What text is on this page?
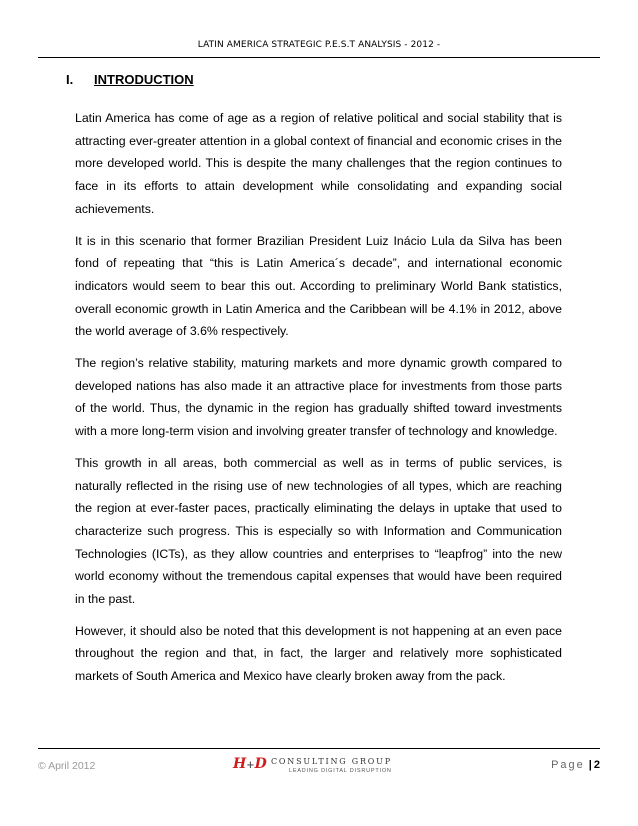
LATIN AMERICA STRATEGIC P.E.S.T ANALYSIS - 2012 -
I. INTRODUCTION

Latin America has come of age as a region of relative political and social stability that is attracting ever-greater attention in a global context of financial and economic crises in the more developed world. This is despite the many challenges that the region continues to face in its efforts to attain development while consolidating and expanding social achievements.

It is in this scenario that former Brazilian President Luiz Inácio Lula da Silva has been fond of repeating that “this is Latin America´s decade”, and international economic indicators would seem to bear this out. According to preliminary World Bank statistics, overall economic growth in Latin America and the Caribbean will be 4.1% in 2012, above the world average of 3.6% respectively.

The region’s relative stability, maturing markets and more dynamic growth compared to developed nations has also made it an attractive place for investments from those parts of the world. Thus, the dynamic in the region has gradually shifted toward investments with a more long-term vision and involving greater transfer of technology and knowledge.

This growth in all areas, both commercial as well as in terms of public services, is naturally reflected in the rising use of new technologies of all types, which are reaching the region at ever-faster paces, practically eliminating the delays in uptake that used to characterize such progress. This is especially so with Information and Communication Technologies (ICTs), as they allow countries and enterprises to “leapfrog” into the new world economy without the tremendous capital expenses that would have been required in the past.

However, it should also be noted that this development is not happening at an even pace throughout the region and that, in fact, the larger and relatively more sophisticated markets of South America and Mexico have clearly broken away from the pack.

© April 2012	H+D CONSULTING GROUP
LEADING DIGITAL DISRUPTION	Page | 2
